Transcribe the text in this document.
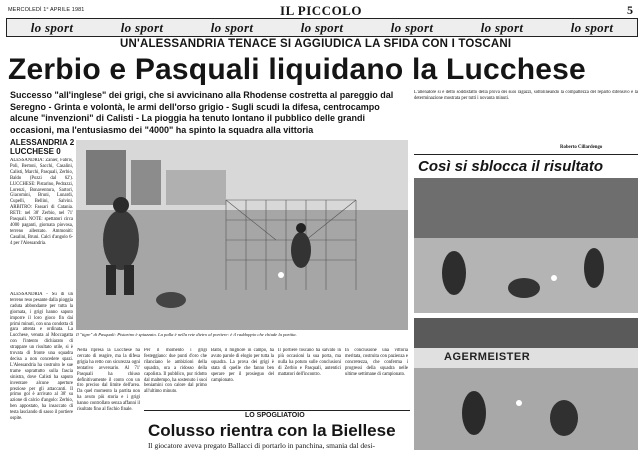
MERCOLEDÌ 1° APRILE 1981	IL PICCOLO	5
lo sport	lo sport	lo sport	lo sport	lo sport	lo sport	lo sport
UN'ALESSANDRIA TENACE SI AGGIUDICA LA SFIDA CON I TOSCANI
Zerbio e Pasquali liquidano la Lucchese
Successo "all'inglese" dei grigi, che si avvicinano alla Rhodense costretta al pareggio dal Seregno - Grinta e volontà, le armi dell'orso grigio - Sugli scudi la difesa, centrocampo alcune "invenzioni" di Calisti - La pioggia ha tenuto lontano il pubblico delle grandi occasioni, ma l'entusiasmo dei "4000" ha spinto la squadra alla vittoria
ALESSANDRIA 2
LUCCHESE 0
ALESSANDRIA: Zanier, Fabris, Poli, Bertoni, Sacchi, Casalini, Calisti, Marchi, Pasquali, Zerbio, Baldo (Pozzi dal 62'). LUCCHESE: Pistarino, Pedrazzi, Lorenzi, Bonaventura, Sartori, Giacomini, Bruni, Lunardi, Cupelli, Bellini, Salvini. ARBITRO: Fassari di Catania. RETI: nel 38' Zerbio, nel 71' Pasquali. NOTE: spettatori circa 4000 paganti, giornata piovosa, terreno allentato. Ammoniti: Casalini, Bruni. Calci d'angolo 6-4 per l'Alessandria.
Il "tigre" di Pasquali: Pistarino è spiazzato. La palla è nella rete dietro al portiere: è il raddoppio che chiude la partita.
ALESSANDRIA - Su di un terreno reso pesante dalla pioggia caduta abbondante per tutta la giornata, i grigi hanno saputo imporre il loro gioco fin dai primi minuti, con una condotta di gara attenta e ordinata. La Lucchese, venuta al Moccagatta con l'intento dichiarato di strappare un risultato utile, si è trovata di fronte una squadra decisa a non concedere spazi. L'Alessandria ha costruito le sue trame soprattutto sulla fascia sinistra, dove Calisti ha saputo inventare alcune aperture preziose per gli attaccanti. Il primo gol è arrivato al 38' su azione di calcio d'angolo: Zerbio, ben appostato, ha insaccato di testa lasciando di sasso il portiere ospite.
Nella ripresa la Lucchese ha cercato di reagire, ma la difesa grigia ha retto con sicurezza ogni tentativo avversario. Al 71' Pasquali ha chiuso definitivamente il conto con un tiro preciso dal limite dell'area. Da quel momento la partita non ha avuto più storia e i grigi hanno controllato senza affanni il risultato fino al fischio finale.
Per il momento i grigi festeggiano: due punti d'oro che rilanciano le ambizioni della squadra, ora a ridosso della capolista. Il pubblico, pur ridotto dal maltempo, ha sostenuto i suoi beniamini con calore dal primo all'ultimo minuto.
Balbi, il migliore in campo, ha avuto parole di elogio per tutta la squadra. La prova dei grigi è stata di quelle che fanno ben sperare per il prosieguo del campionato.
Il portiere toscano ha salvato in più occasioni la sua porta, ma nulla ha potuto sulle conclusioni di Zerbio e Pasquali, autentici mattatori dell'incontro.
In conclusione una vittoria meritata, costruita con pazienza e concretezza, che conferma i progressi della squadra nelle ultime settimane di campionato.
L'allenatore si è detto soddisfatto della prova dei suoi ragazzi, sottolineando la compattezza del reparto difensivo e la determinazione mostrata per tutti i novanta minuti.
Roberto Cillardengo
Così si sblocca il risultato
AGERMEISTER
LO SPOGLIATOIO
Colusso rientra con la Biellese
Il giocatore aveva pregato Ballacci di portarlo in panchina, smania dal desi-
